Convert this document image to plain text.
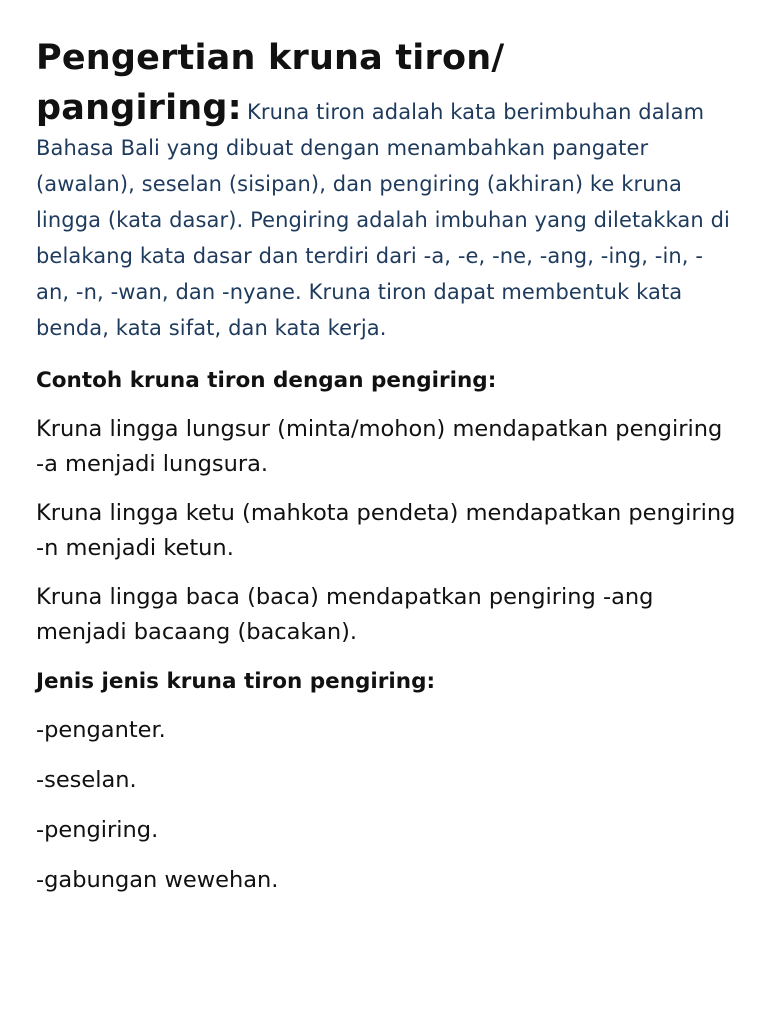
Pengertian kruna tiron/
pangiring: Kruna tiron adalah kata berimbuhan dalam Bahasa Bali yang dibuat dengan menambahkan pangater (awalan), seselan (sisipan), dan pengiring (akhiran) ke kruna lingga (kata dasar). Pengiring adalah imbuhan yang diletakkan di belakang kata dasar dan terdiri dari -a, -e, -ne, -ang, -ing, -in, -an, -n, -wan, dan -nyane. Kruna tiron dapat membentuk kata benda, kata sifat, dan kata kerja.

Contoh kruna tiron dengan pengiring:

Kruna lingga lungsur (minta/mohon) mendapatkan pengiring -a menjadi lungsura.

Kruna lingga ketu (mahkota pendeta) mendapatkan pengiring -n menjadi ketun.

Kruna lingga baca (baca) mendapatkan pengiring -ang menjadi bacaang (bacakan).

Jenis jenis kruna tiron pengiring:

-penganter.

-seselan.

-pengiring.

-gabungan wewehan.
